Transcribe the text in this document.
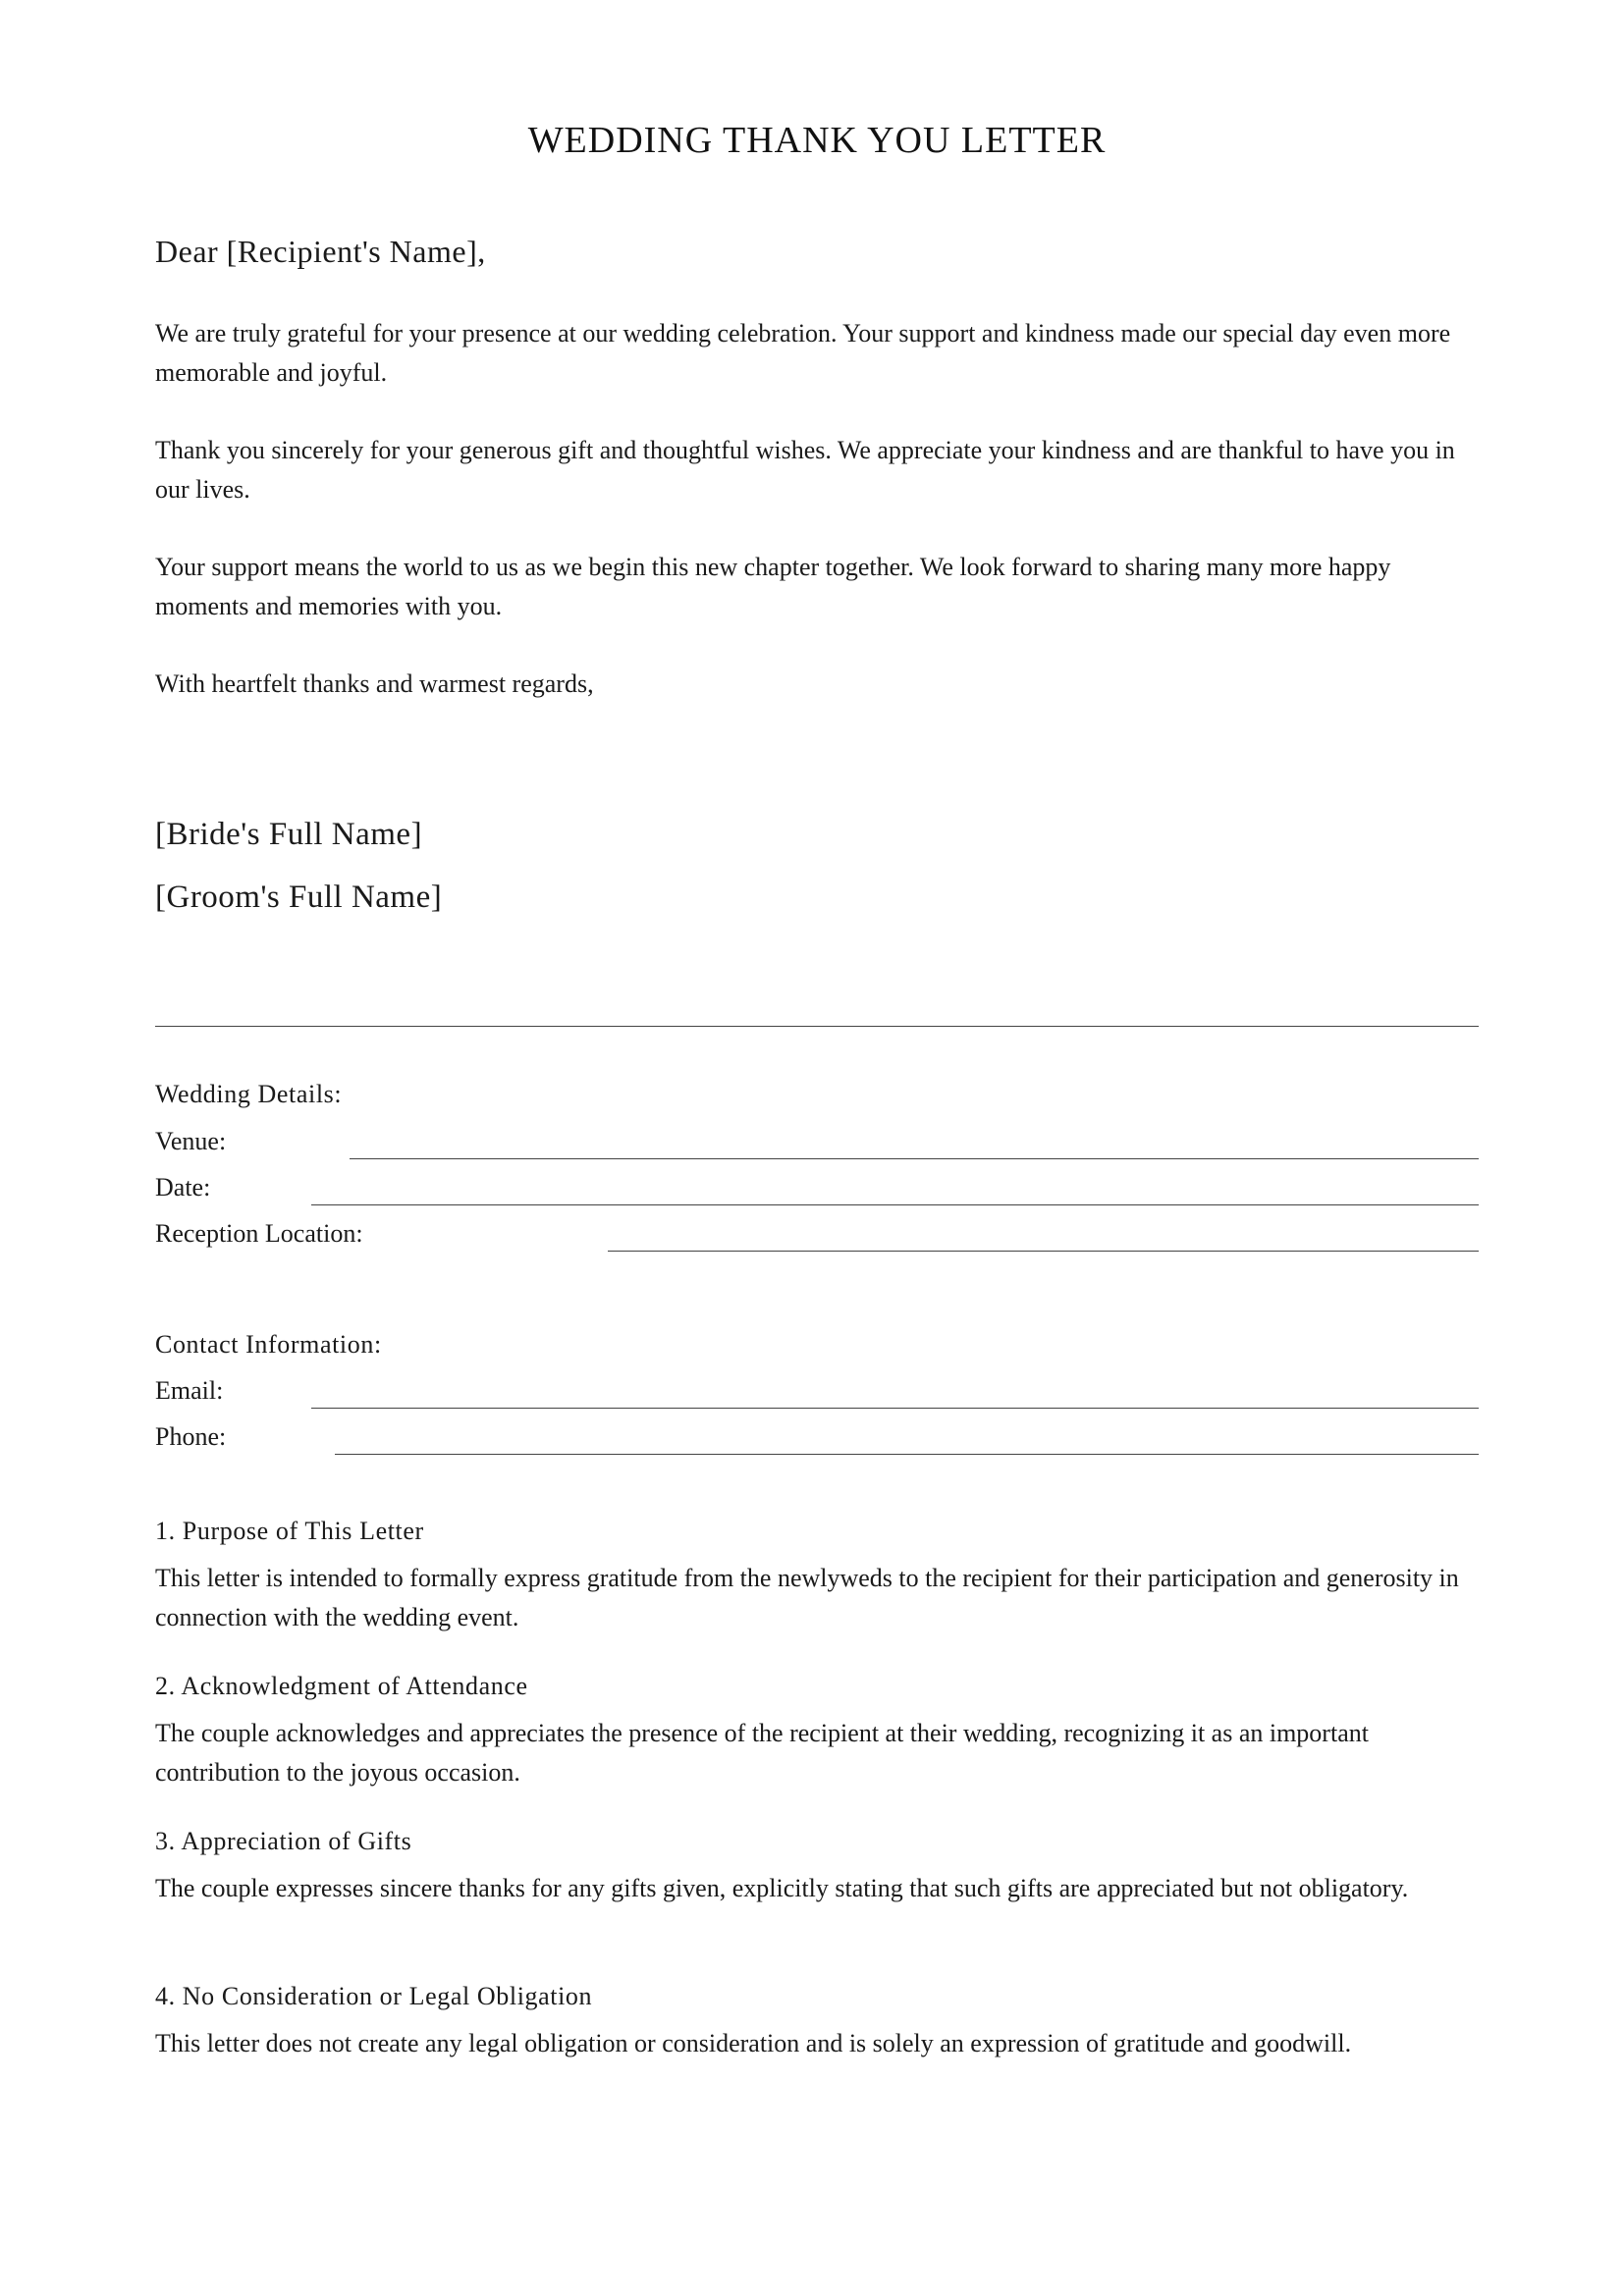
WEDDING THANK YOU LETTER
Dear [Recipient's Name],
We are truly grateful for your presence at our wedding celebration. Your support and kindness made our special day even more memorable and joyful.
Thank you sincerely for your generous gift and thoughtful wishes. We appreciate your kindness and are thankful to have you in our lives.
Your support means the world to us as we begin this new chapter together. We look forward to sharing many more happy moments and memories with you.
With heartfelt thanks and warmest regards,
[Bride's Full Name]
[Groom's Full Name]
Wedding Details:
Venue:
Date:
Reception Location:
Contact Information:
Email:
Phone:
1. Purpose of This Letter
This letter is intended to formally express gratitude from the newlyweds to the recipient for their participation and generosity in connection with the wedding event.
2. Acknowledgment of Attendance
The couple acknowledges and appreciates the presence of the recipient at their wedding, recognizing it as an important contribution to the joyous occasion.
3. Appreciation of Gifts
The couple expresses sincere thanks for any gifts given, explicitly stating that such gifts are appreciated but not obligatory.
4. No Consideration or Legal Obligation
This letter does not create any legal obligation or consideration and is solely an expression of gratitude and goodwill.
